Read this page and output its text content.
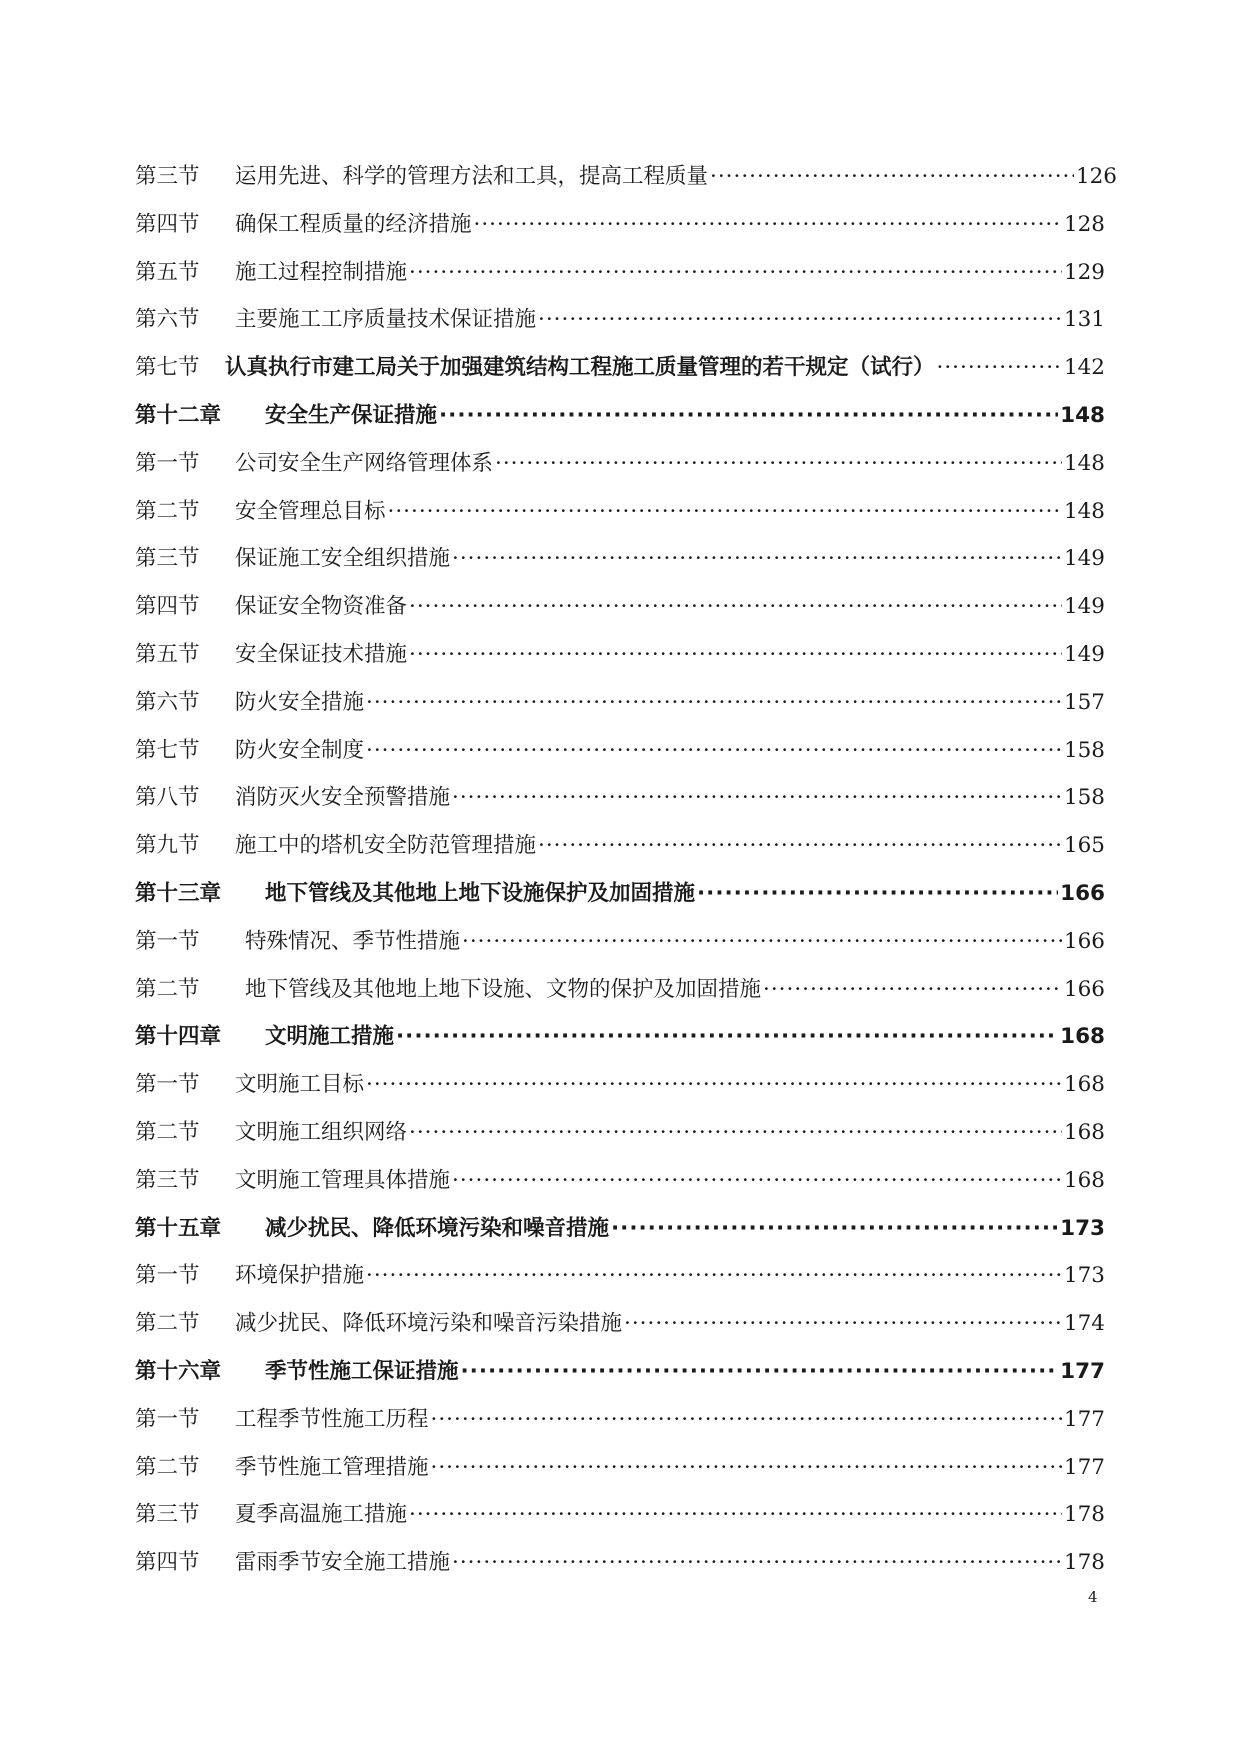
第三节	运用先进、科学的管理方法和工具，提高工程质量 ·····	126
第四节	确保工程质量的经济措施 ·····	128
第五节	施工过程控制措施 ·····	129
第六节	主要施工工序质量技术保证措施 ·····	131
第七节	认真执行市建工局关于加强建筑结构工程施工质量管理的若干规定（试行） ·····	142
第十二章	安全生产保证措施 ·····	148
第一节	公司安全生产网络管理体系 ·····	148
第二节	安全管理总目标 ·····	148
第三节	保证施工安全组织措施 ·····	149
第四节	保证安全物资准备 ·····	149
第五节	安全保证技术措施 ·····	149
第六节	防火安全措施 ·····	157
第七节	防火安全制度 ·····	158
第八节	消防灭火安全预警措施 ·····	158
第九节	施工中的塔机安全防范管理措施 ·····	165
第十三章	地下管线及其他地上地下设施保护及加固措施 ·····	166
第一节	特殊情况、季节性措施 ·····	166
第二节	地下管线及其他地上地下设施、文物的保护及加固措施 ·····	166
第十四章	文明施工措施 ·····	168
第一节	文明施工目标 ·····	168
第二节	文明施工组织网络 ·····	168
第三节	文明施工管理具体措施 ·····	168
第十五章	减少扰民、降低环境污染和噪音措施 ·····	173
第一节	环境保护措施 ·····	173
第二节	减少扰民、降低环境污染和噪音污染措施 ·····	174
第十六章	季节性施工保证措施 ·····	177
第一节	工程季节性施工历程 ·····	177
第二节	季节性施工管理措施 ·····	177
第三节	夏季高温施工措施 ·····	178
第四节	雷雨季节安全施工措施 ·····	178
4
